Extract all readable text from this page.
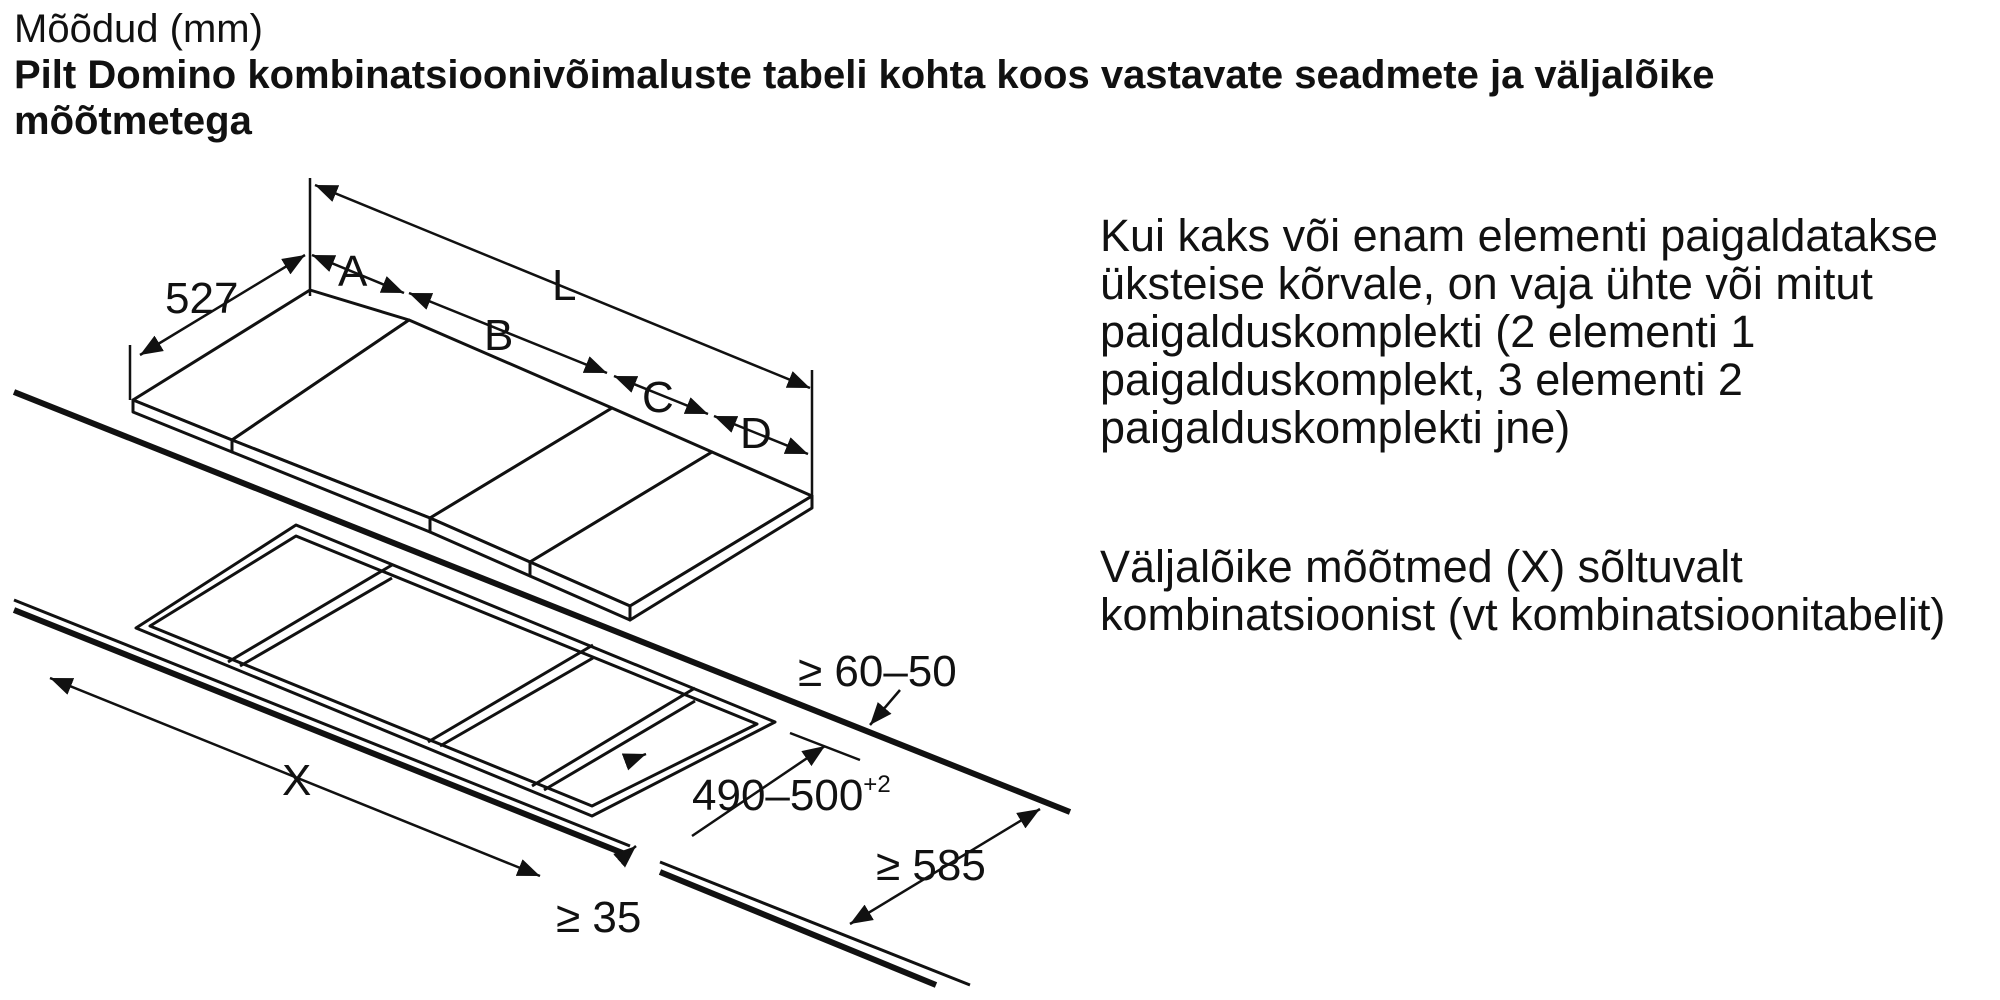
Mõõdud (mm)
Pilt Domino kombinatsioonivõimaluste tabeli kohta koos vastavate seadmete ja väljalõike mõõtmetega
Kui kaks või enam elementi paigaldatakse üksteise kõrvale, on vaja ühte või mitut paigalduskomplekti (2 elementi 1 paigalduskomplekt, 3 elementi 2 paigalduskomplekti jne)
Väljalõike mõõtmed (X) sõltuvalt kombinatsioonist (vt kombinatsioonitabelit)
527
A
B
C
D
L
X
≥ 60–50
$490-500^{+2}$
≥ 585
≥ 35
